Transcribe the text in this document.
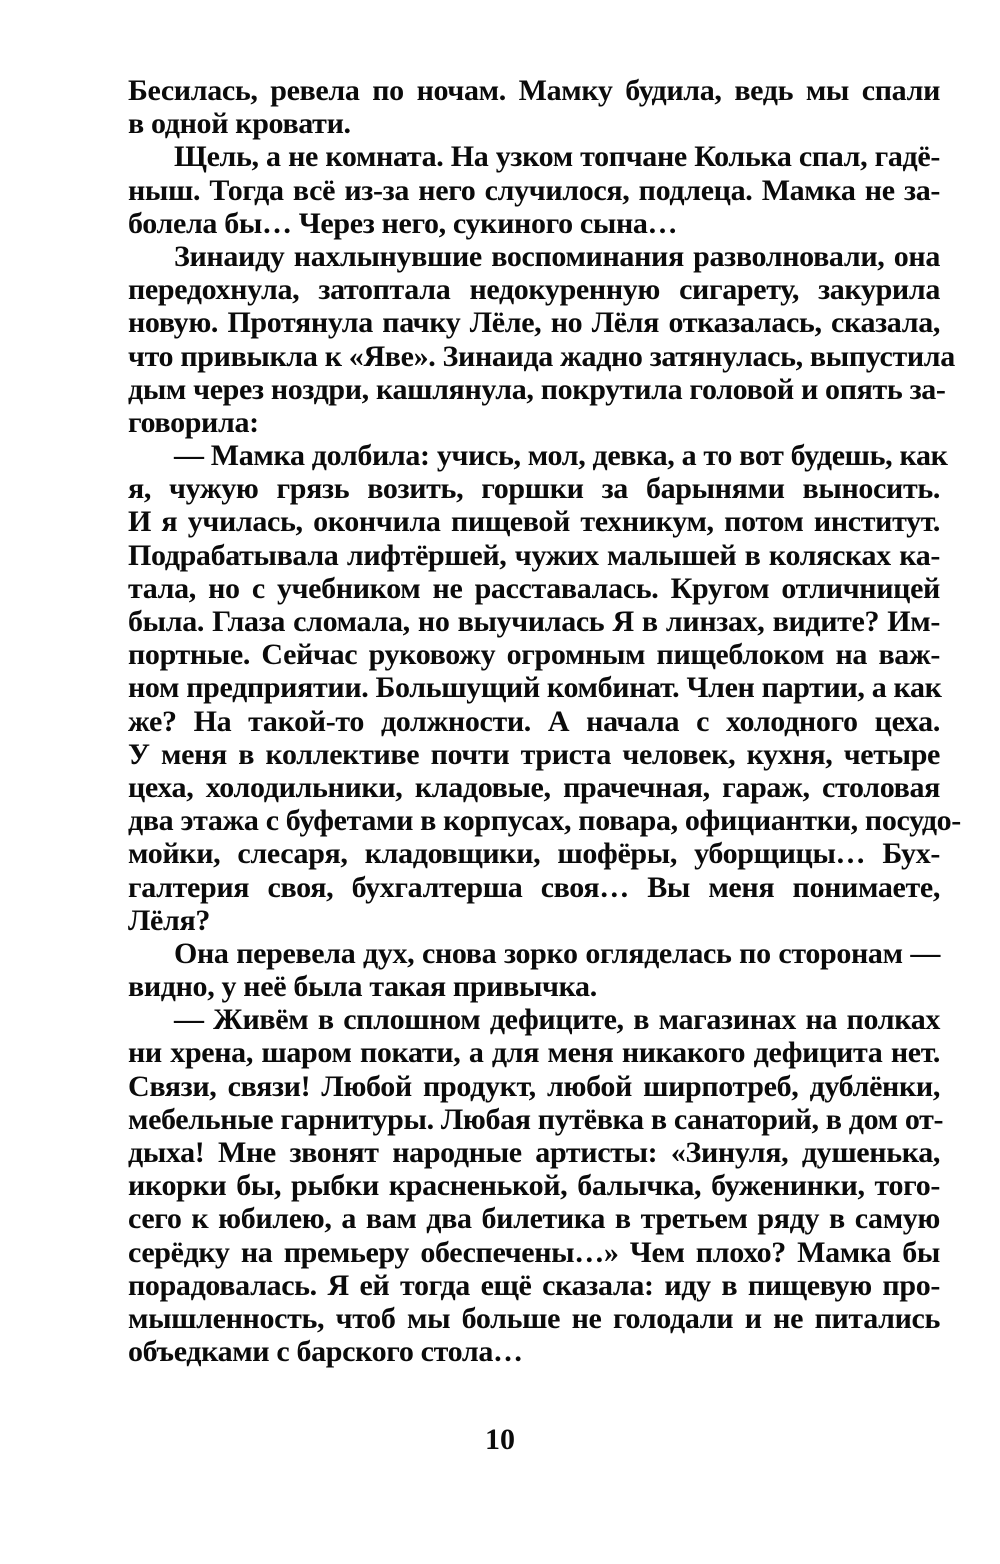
Бесилась, ревела по ночам. Мамку будила, ведь мы спали
в одной кровати.
Щель, а не комната. На узком топчане Колька спал, гадё-
ныш. Тогда всё из-за него случилося, подлеца. Мамка не за-
болела бы… Через него, сукиного сына…
Зинаиду нахлынувшие воспоминания разволновали, она
передохнула, затоптала недокуренную сигарету, закурила
новую. Протянула пачку Лёле, но Лёля отказалась, сказала,
что привыкла к «Яве». Зинаида жадно затянулась, выпустила
дым через ноздри, кашлянула, покрутила головой и опять за-
говорила:
— Мамка долбила: учись, мол, девка, а то вот будешь, как
я, чужую грязь возить, горшки за барынями выносить.
И я училась, окончила пищевой техникум, потом институт.
Подрабатывала лифтёршей, чужих малышей в колясках ка-
тала, но с учебником не расставалась. Кругом отличницей
была. Глаза сломала, но выучилась Я в линзах, видите? Им-
портные. Сейчас руковожу огромным пищеблоком на важ-
ном предприятии. Большущий комбинат. Член партии, а как
же? На такой-то должности. А начала с холодного цеха.
У меня в коллективе почти триста человек, кухня, четыре
цеха, холодильники, кладовые, прачечная, гараж, столовая
два этажа с буфетами в корпусах, повара, официантки, посудо-
мойки, слесаря, кладовщики, шофёры, уборщицы… Бух-
галтерия своя, бухгалтерша своя… Вы меня понимаете,
Лёля?
Она перевела дух, снова зорко огляделась по сторонам —
видно, у неё была такая привычка.
— Живём в сплошном дефиците, в магазинах на полках
ни хрена, шаром покати, а для меня никакого дефицита нет.
Связи, связи! Любой продукт, любой ширпотреб, дублёнки,
мебельные гарнитуры. Любая путёвка в санаторий, в дом от-
дыха! Мне звонят народные артисты: «Зинуля, душенька,
икорки бы, рыбки красненькой, балычка, буженинки, того-
сего к юбилею, а вам два билетика в третьем ряду в самую
серёдку на премьеру обеспечены…» Чем плохо? Мамка бы
порадовалась. Я ей тогда ещё сказала: иду в пищевую про-
мышленность, чтоб мы больше не голодали и не питались
объедками с барского стола…
10
